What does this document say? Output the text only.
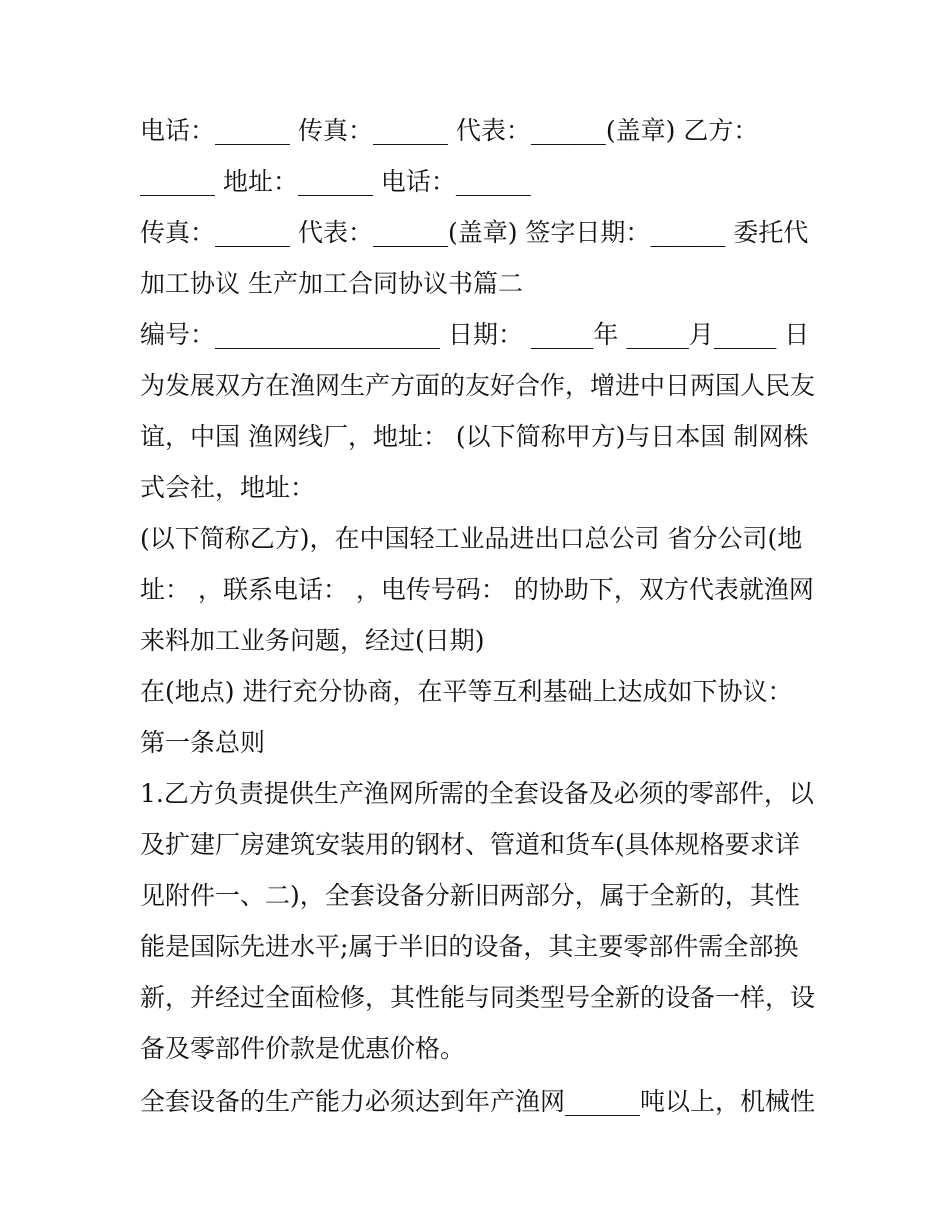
电话：______ 传真：______ 代表：______(盖章) 乙方：
______ 地址：______ 电话：______
传真：______ 代表：______(盖章) 签字日期：______ 委托代
加工协议 生产加工合同协议书篇二
编号：__________________ 日期： _____年 _____月_____ 日
为发展双方在渔网生产方面的友好合作，增进中日两国人民友
谊，中国 渔网线厂，地址： (以下简称甲方)与日本国 制网株
式会社，地址：
(以下简称乙方)，在中国轻工业品进出口总公司 省分公司(地
址： ，联系电话： ，电传号码： 的协助下，双方代表就渔网
来料加工业务问题，经过(日期)
在(地点) 进行充分协商，在平等互利基础上达成如下协议：
第一条总则
1.乙方负责提供生产渔网所需的全套设备及必须的零部件，以
及扩建厂房建筑安装用的钢材、管道和货车(具体规格要求详
见附件一、二)，全套设备分新旧两部分，属于全新的，其性
能是国际先进水平;属于半旧的设备，其主要零部件需全部换
新，并经过全面检修，其性能与同类型号全新的设备一样，设
备及零部件价款是优惠价格。
全套设备的生产能力必须达到年产渔网______吨以上，机械性
